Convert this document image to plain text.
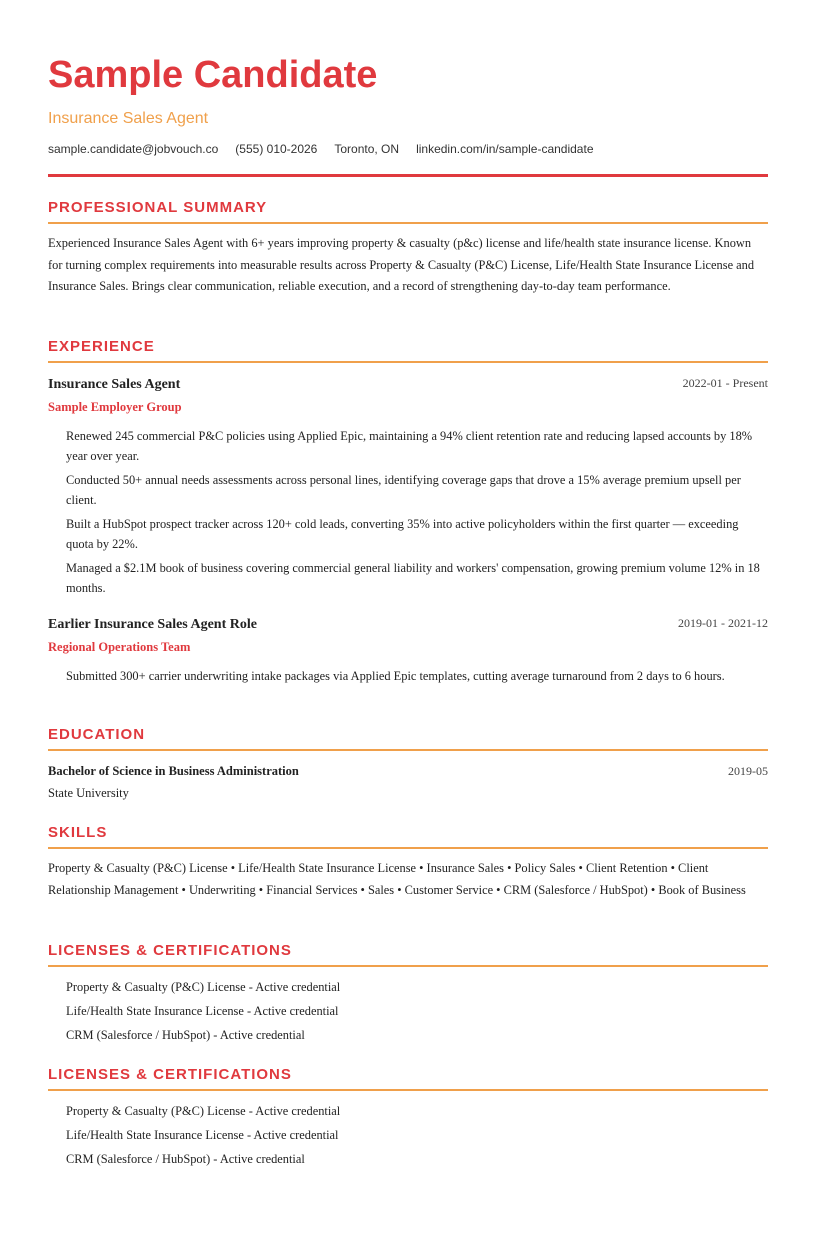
Sample Candidate
Insurance Sales Agent
sample.candidate@jobvouch.co (555) 010-2026 Toronto, ON linkedin.com/in/sample-candidate
PROFESSIONAL SUMMARY
Experienced Insurance Sales Agent with 6+ years improving property & casualty (p&c) license and life/health state insurance license. Known for turning complex requirements into measurable results across Property & Casualty (P&C) License, Life/Health State Insurance License and Insurance Sales. Brings clear communication, reliable execution, and a record of strengthening day-to-day team performance.
EXPERIENCE
Insurance Sales Agent	2022-01 - Present
Sample Employer Group
Renewed 245 commercial P&C policies using Applied Epic, maintaining a 94% client retention rate and reducing lapsed accounts by 18% year over year.
Conducted 50+ annual needs assessments across personal lines, identifying coverage gaps that drove a 15% average premium upsell per client.
Built a HubSpot prospect tracker across 120+ cold leads, converting 35% into active policyholders within the first quarter — exceeding quota by 22%.
Managed a $2.1M book of business covering commercial general liability and workers' compensation, growing premium volume 12% in 18 months.
Earlier Insurance Sales Agent Role	2019-01 - 2021-12
Regional Operations Team
Submitted 300+ carrier underwriting intake packages via Applied Epic templates, cutting average turnaround from 2 days to 6 hours.
EDUCATION
Bachelor of Science in Business Administration	2019-05
State University
SKILLS
Property & Casualty (P&C) License • Life/Health State Insurance License • Insurance Sales • Policy Sales • Client Retention • Client Relationship Management • Underwriting • Financial Services • Sales • Customer Service • CRM (Salesforce / HubSpot) • Book of Business
LICENSES & CERTIFICATIONS
Property & Casualty (P&C) License - Active credential
Life/Health State Insurance License - Active credential
CRM (Salesforce / HubSpot) - Active credential
LICENSES & CERTIFICATIONS
Property & Casualty (P&C) License - Active credential
Life/Health State Insurance License - Active credential
CRM (Salesforce / HubSpot) - Active credential
